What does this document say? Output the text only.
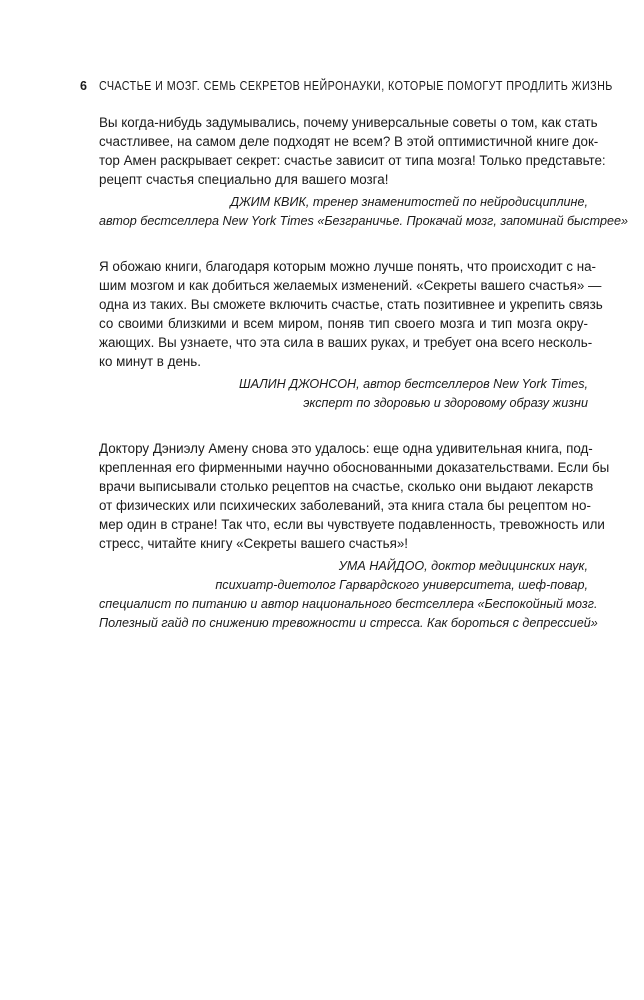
6 СЧАСТЬЕ И МОЗГ. СЕМЬ СЕКРЕТОВ НЕЙРОНАУКИ, КОТОРЫЕ ПОМОГУТ ПРОДЛИТЬ ЖИЗНЬ

Вы когда-нибудь задумывались, почему универсальные советы о том, как стать
счастливее, на самом деле подходят не всем? В этой оптимистичной книге док-
тор Амен раскрывает секрет: счастье зависит от типа мозга! Только представьте:
рецепт счастья специально для вашего мозга!

ДЖИМ КВИК, тренер знаменитостей по нейродисциплине,
автор бестселлера New York Times «Безграничье. Прокачай мозг, запоминай быстрее»

Я обожаю книги, благодаря которым можно лучше понять, что происходит с на-
шим мозгом и как добиться желаемых изменений. «Секреты вашего счастья» —
одна из таких. Вы сможете включить счастье, стать позитивнее и укрепить связь
со своими близкими и всем миром, поняв тип своего мозга и тип мозга окру-
жающих. Вы узнаете, что эта сила в ваших руках, и требует она всего несколь-
ко минут в день.

ШАЛИН ДЖОНСОН, автор бестселлеров New York Times,
эксперт по здоровью и здоровому образу жизни

Доктору Дэниэлу Амену снова это удалось: еще одна удивительная книга, под-
крепленная его фирменными научно обоснованными доказательствами. Если бы
врачи выписывали столько рецептов на счастье, сколько они выдают лекарств
от физических или психических заболеваний, эта книга стала бы рецептом но-
мер один в стране! Так что, если вы чувствуете подавленность, тревожность или
стресс, читайте книгу «Секреты вашего счастья»!

УМА НАЙДОО, доктор медицинских наук,
психиатр-диетолог Гарвардского университета, шеф-повар,
специалист по питанию и автор национального бестселлера «Беспокойный мозг.
Полезный гайд по снижению тревожности и стресса. Как бороться с депрессией»
